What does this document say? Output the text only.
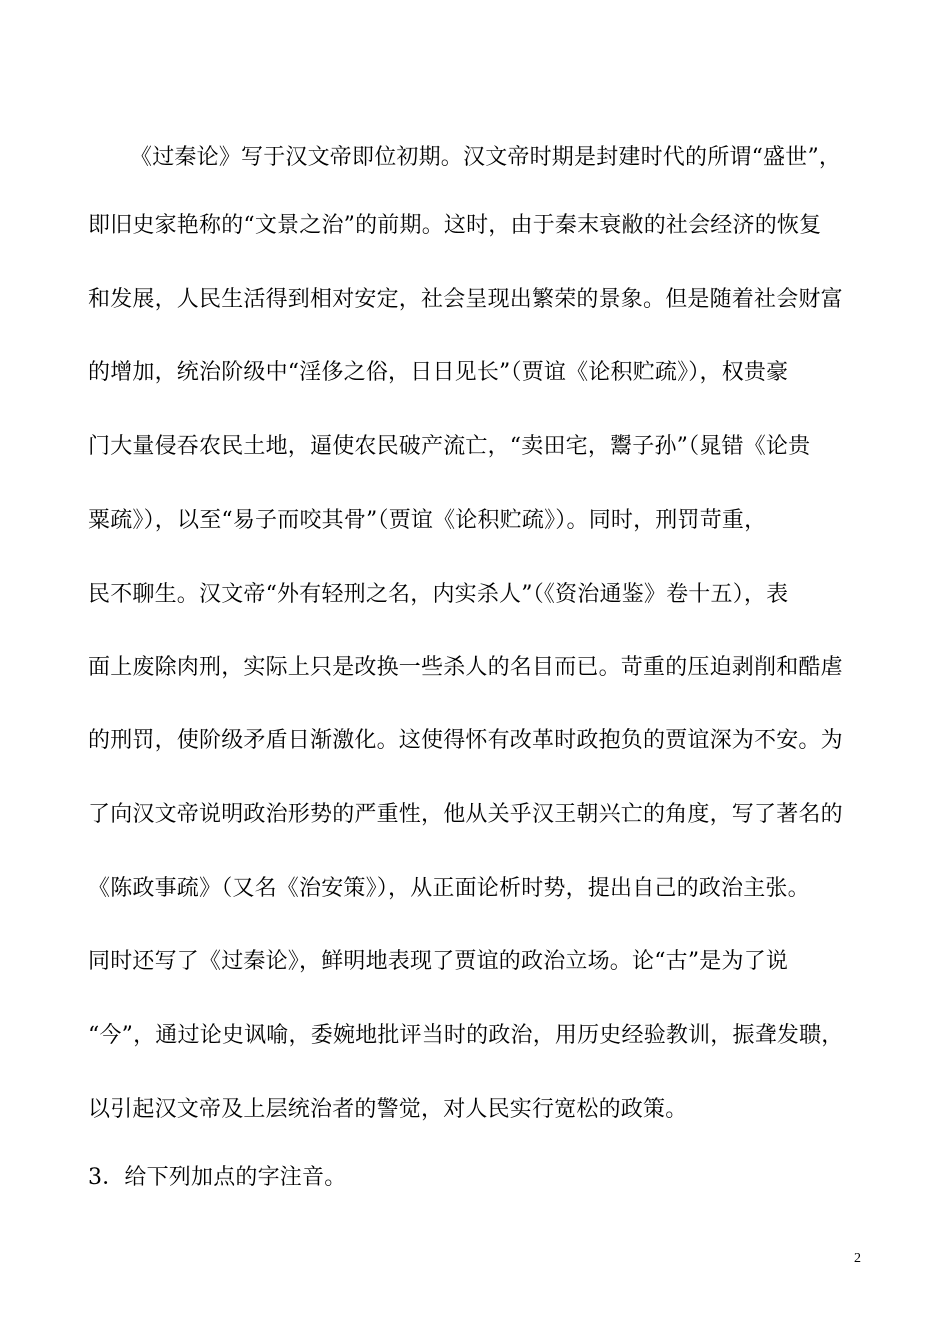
《过秦论》写于汉文帝即位初期。汉文帝时期是封建时代的所谓“盛世”，
即旧史家艳称的“文景之治”的前期。这时，由于秦末衰敝的社会经济的恢复
和发展，人民生活得到相对安定，社会呈现出繁荣的景象。但是随着社会财富
的增加，统治阶级中“淫侈之俗，日日见长”（贾谊《论积贮疏》），权贵豪
门大量侵吞农民土地，逼使农民破产流亡，“卖田宅，鬻子孙”（晁错《论贵
粟疏》），以至“易子而咬其骨”（贾谊《论积贮疏》）。同时，刑罚苛重，
民不聊生。汉文帝“外有轻刑之名，内实杀人”（《资治通鉴》卷十五），表
面上废除肉刑，实际上只是改换一些杀人的名目而已。苛重的压迫剥削和酷虐
的刑罚，使阶级矛盾日渐激化。这使得怀有改革时政抱负的贾谊深为不安。为
了向汉文帝说明政治形势的严重性，他从关乎汉王朝兴亡的角度，写了著名的
《陈政事疏》（又名《治安策》），从正面论析时势，提出自己的政治主张。
同时还写了《过秦论》，鲜明地表现了贾谊的政治立场。论“古”是为了说
“今”，通过论史讽喻，委婉地批评当时的政治，用历史经验教训，振聋发聩，
以引起汉文帝及上层统治者的警觉，对人民实行宽松的政策。
3．给下列加点的字注音。
2
